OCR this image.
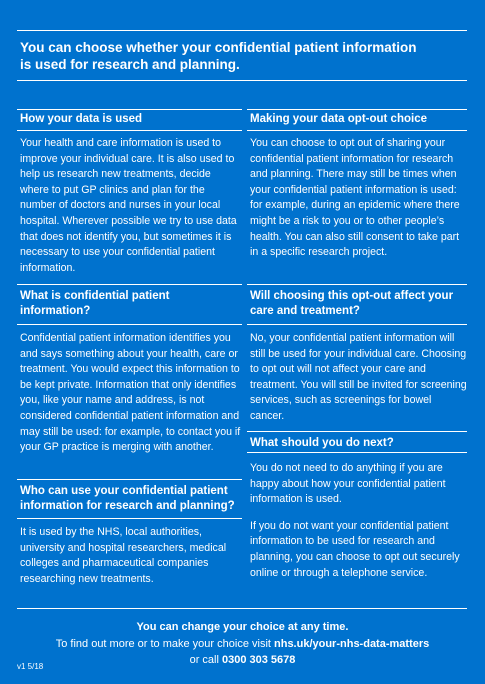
You can choose whether your confidential patient information is used for research and planning.
How your data is used
Your health and care information is used to improve your individual care. It is also used to help us research new treatments, decide where to put GP clinics and plan for the number of doctors and nurses in your local hospital. Wherever possible we try to use data that does not identify you, but sometimes it is necessary to use your confidential patient information.
What is confidential patient information?
Confidential patient information identifies you and says something about your health, care or treatment. You would expect this information to be kept private. Information that only identifies you, like your name and address, is not considered confidential patient information and may still be used: for example, to contact you if your GP practice is merging with another.
Who can use your confidential patient information for research and planning?
It is used by the NHS, local authorities, university and hospital researchers, medical colleges and pharmaceutical companies researching new treatments.
Making your data opt-out choice
You can choose to opt out of sharing your confidential patient information for research and planning. There may still be times when your confidential patient information is used: for example, during an epidemic where there might be a risk to you or to other people’s health. You can also still consent to take part in a specific research project.
Will choosing this opt-out affect your care and treatment?
No, your confidential patient information will still be used for your individual care. Choosing to opt out will not affect your care and treatment. You will still be invited for screening services, such as screenings for bowel cancer.
What should you do next?
You do not need to do anything if you are happy about how your confidential patient information is used.
If you do not want your confidential patient information to be used for research and planning, you can choose to opt out securely online or through a telephone service.
You can change your choice at any time.
To find out more or to make your choice visit nhs.uk/your-nhs-data-matters
or call 0300 303 5678
v1 5/18
